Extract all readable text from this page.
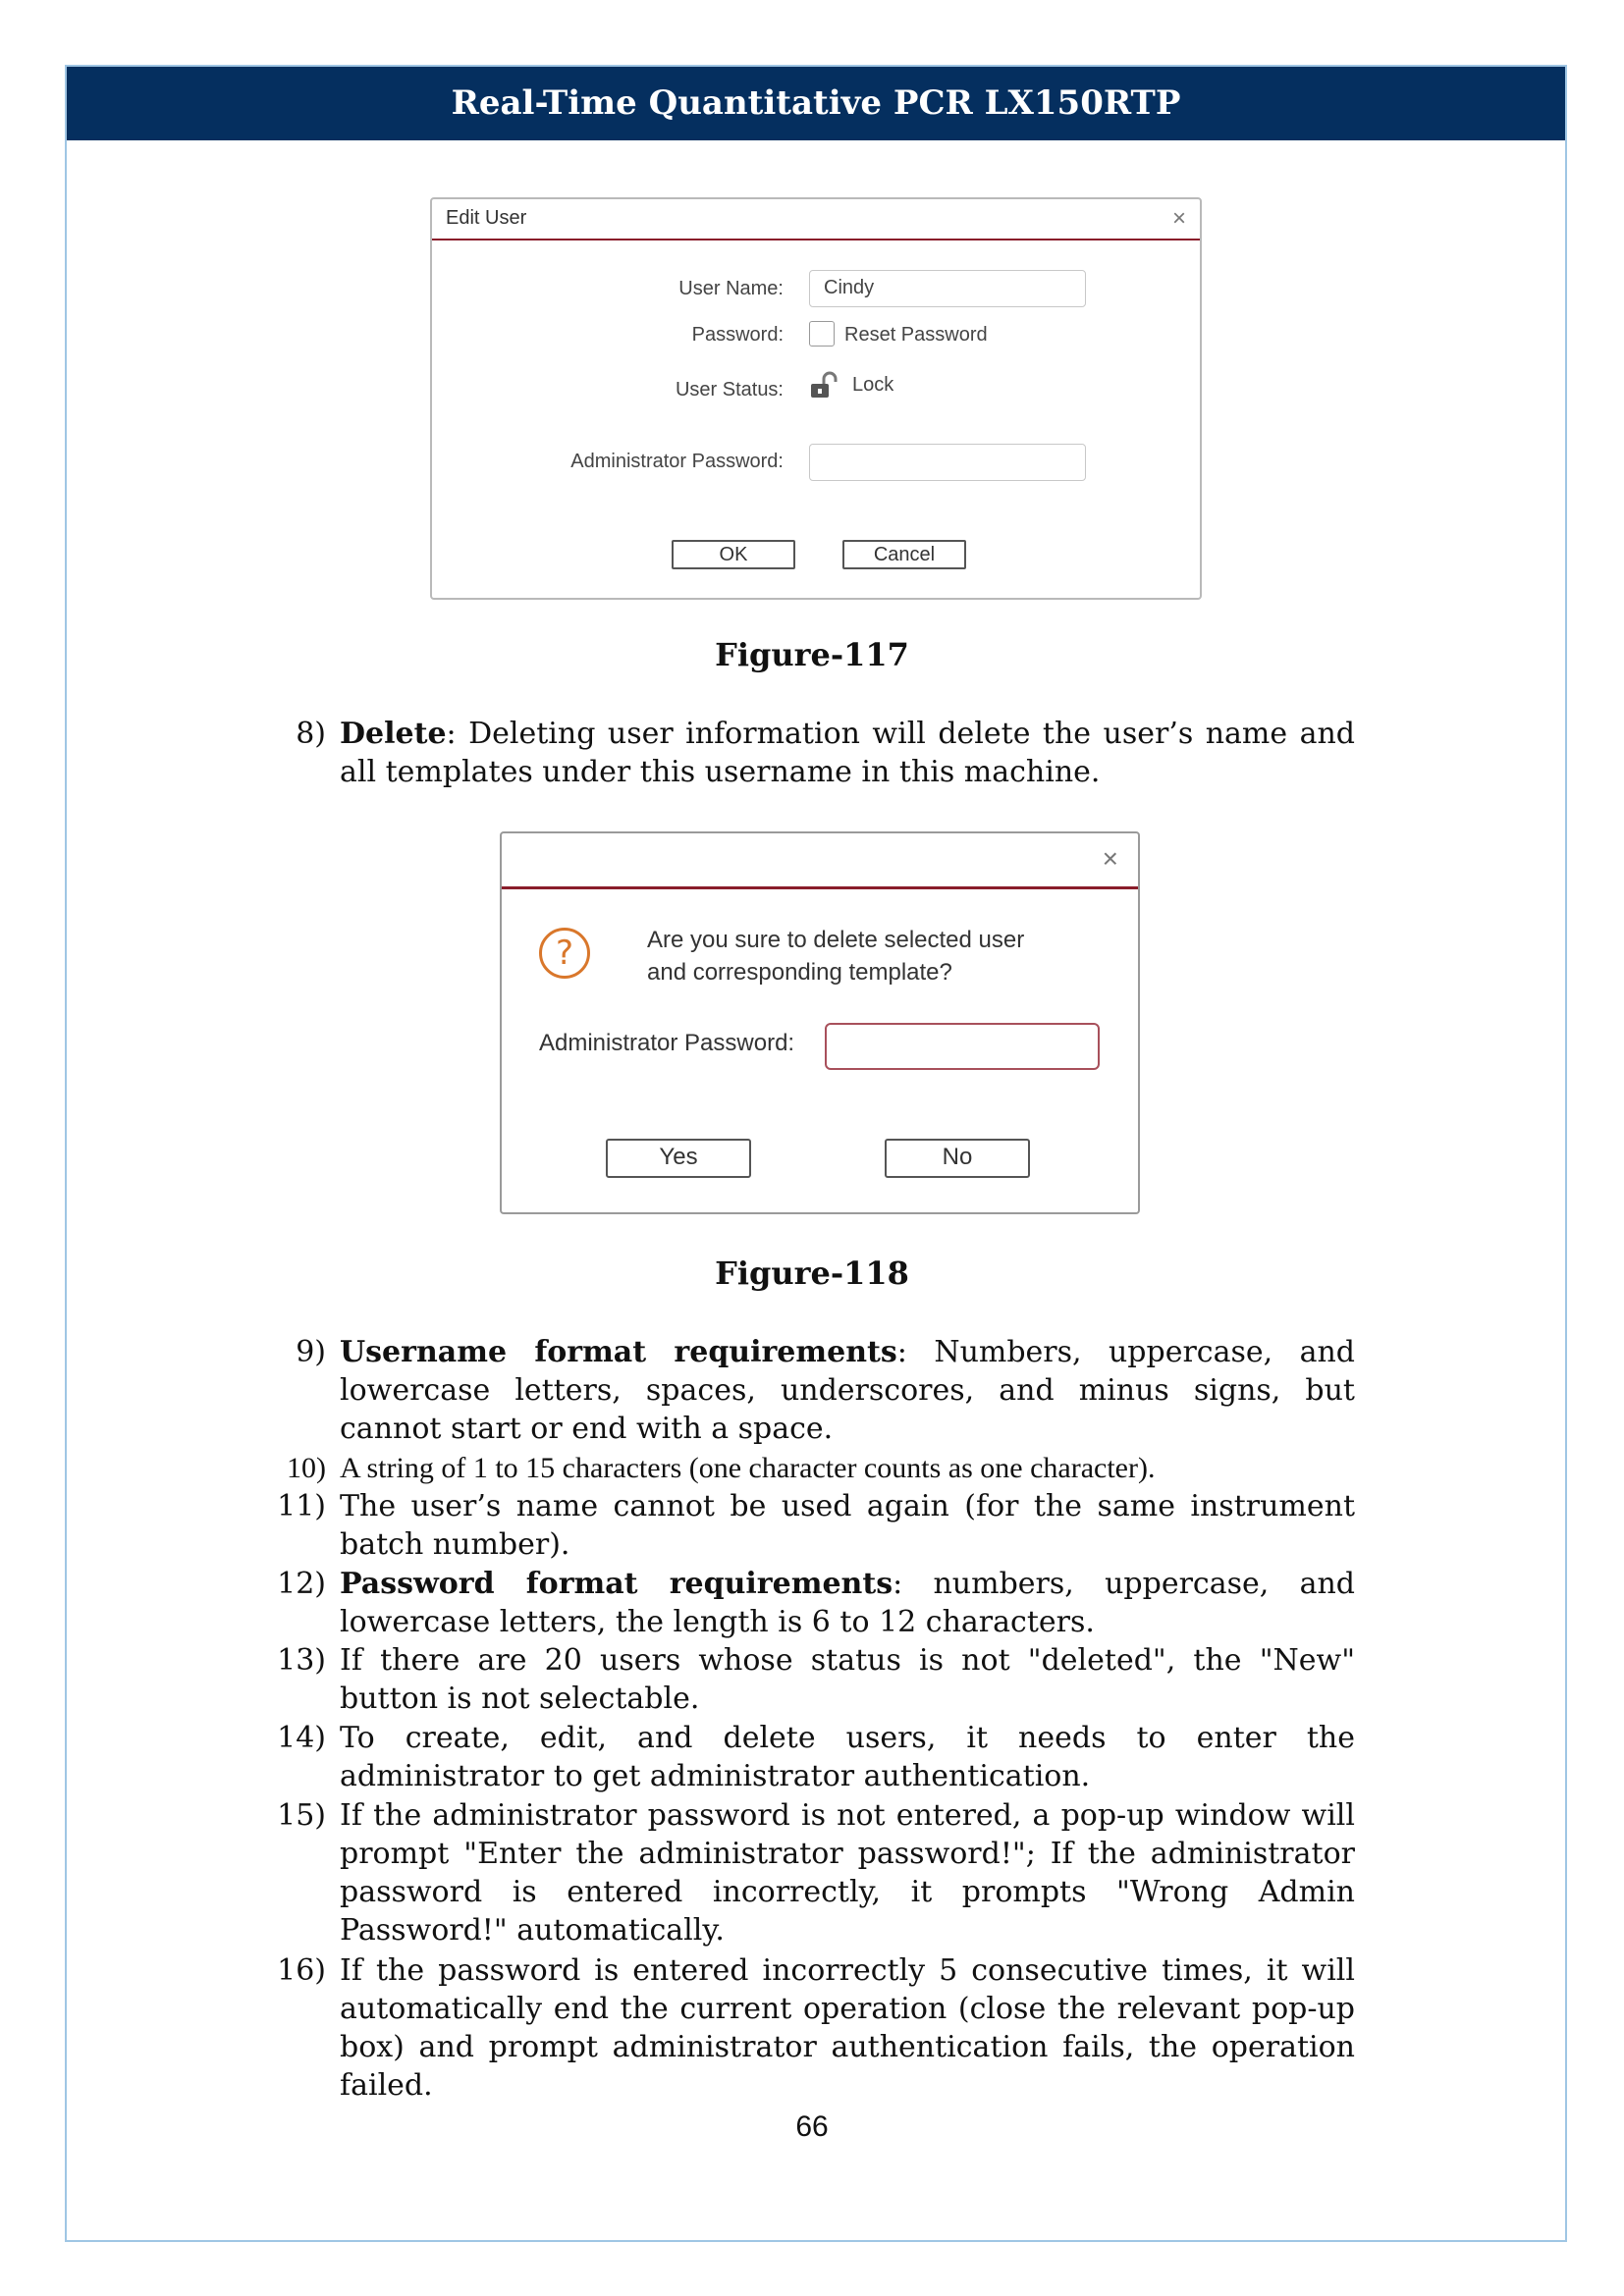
Real-Time Quantitative PCR LX150RTP
Edit User	×
User Name:	Cindy
Password:	Reset Password
User Status:	Lock
Administrator Password:
OK	Cancel
Figure-117
8) Delete: Deleting user information will delete the user’s name and all templates under this username in this machine.
×
?	Are you sure to delete selected user
and corresponding template?
Administrator Password:
Yes	No
Figure-118
9) Username format requirements: Numbers, uppercase, and lowercase letters, spaces, underscores, and minus signs, but cannot start or end with a space.
10) A string of 1 to 15 characters (one character counts as one character).
11) The user’s name cannot be used again (for the same instrument batch number).
12) Password format requirements: numbers, uppercase, and lowercase letters, the length is 6 to 12 characters.
13) If there are 20 users whose status is not "deleted", the "New" button is not selectable.
14) To create, edit, and delete users, it needs to enter the administrator to get administrator authentication.
15) If the administrator password is not entered, a pop-up window will prompt "Enter the administrator password!"; If the administrator password is entered incorrectly, it prompts "Wrong Admin Password!" automatically.
16) If the password is entered incorrectly 5 consecutive times, it will automatically end the current operation (close the relevant pop-up box) and prompt administrator authentication fails, the operation failed.
66
